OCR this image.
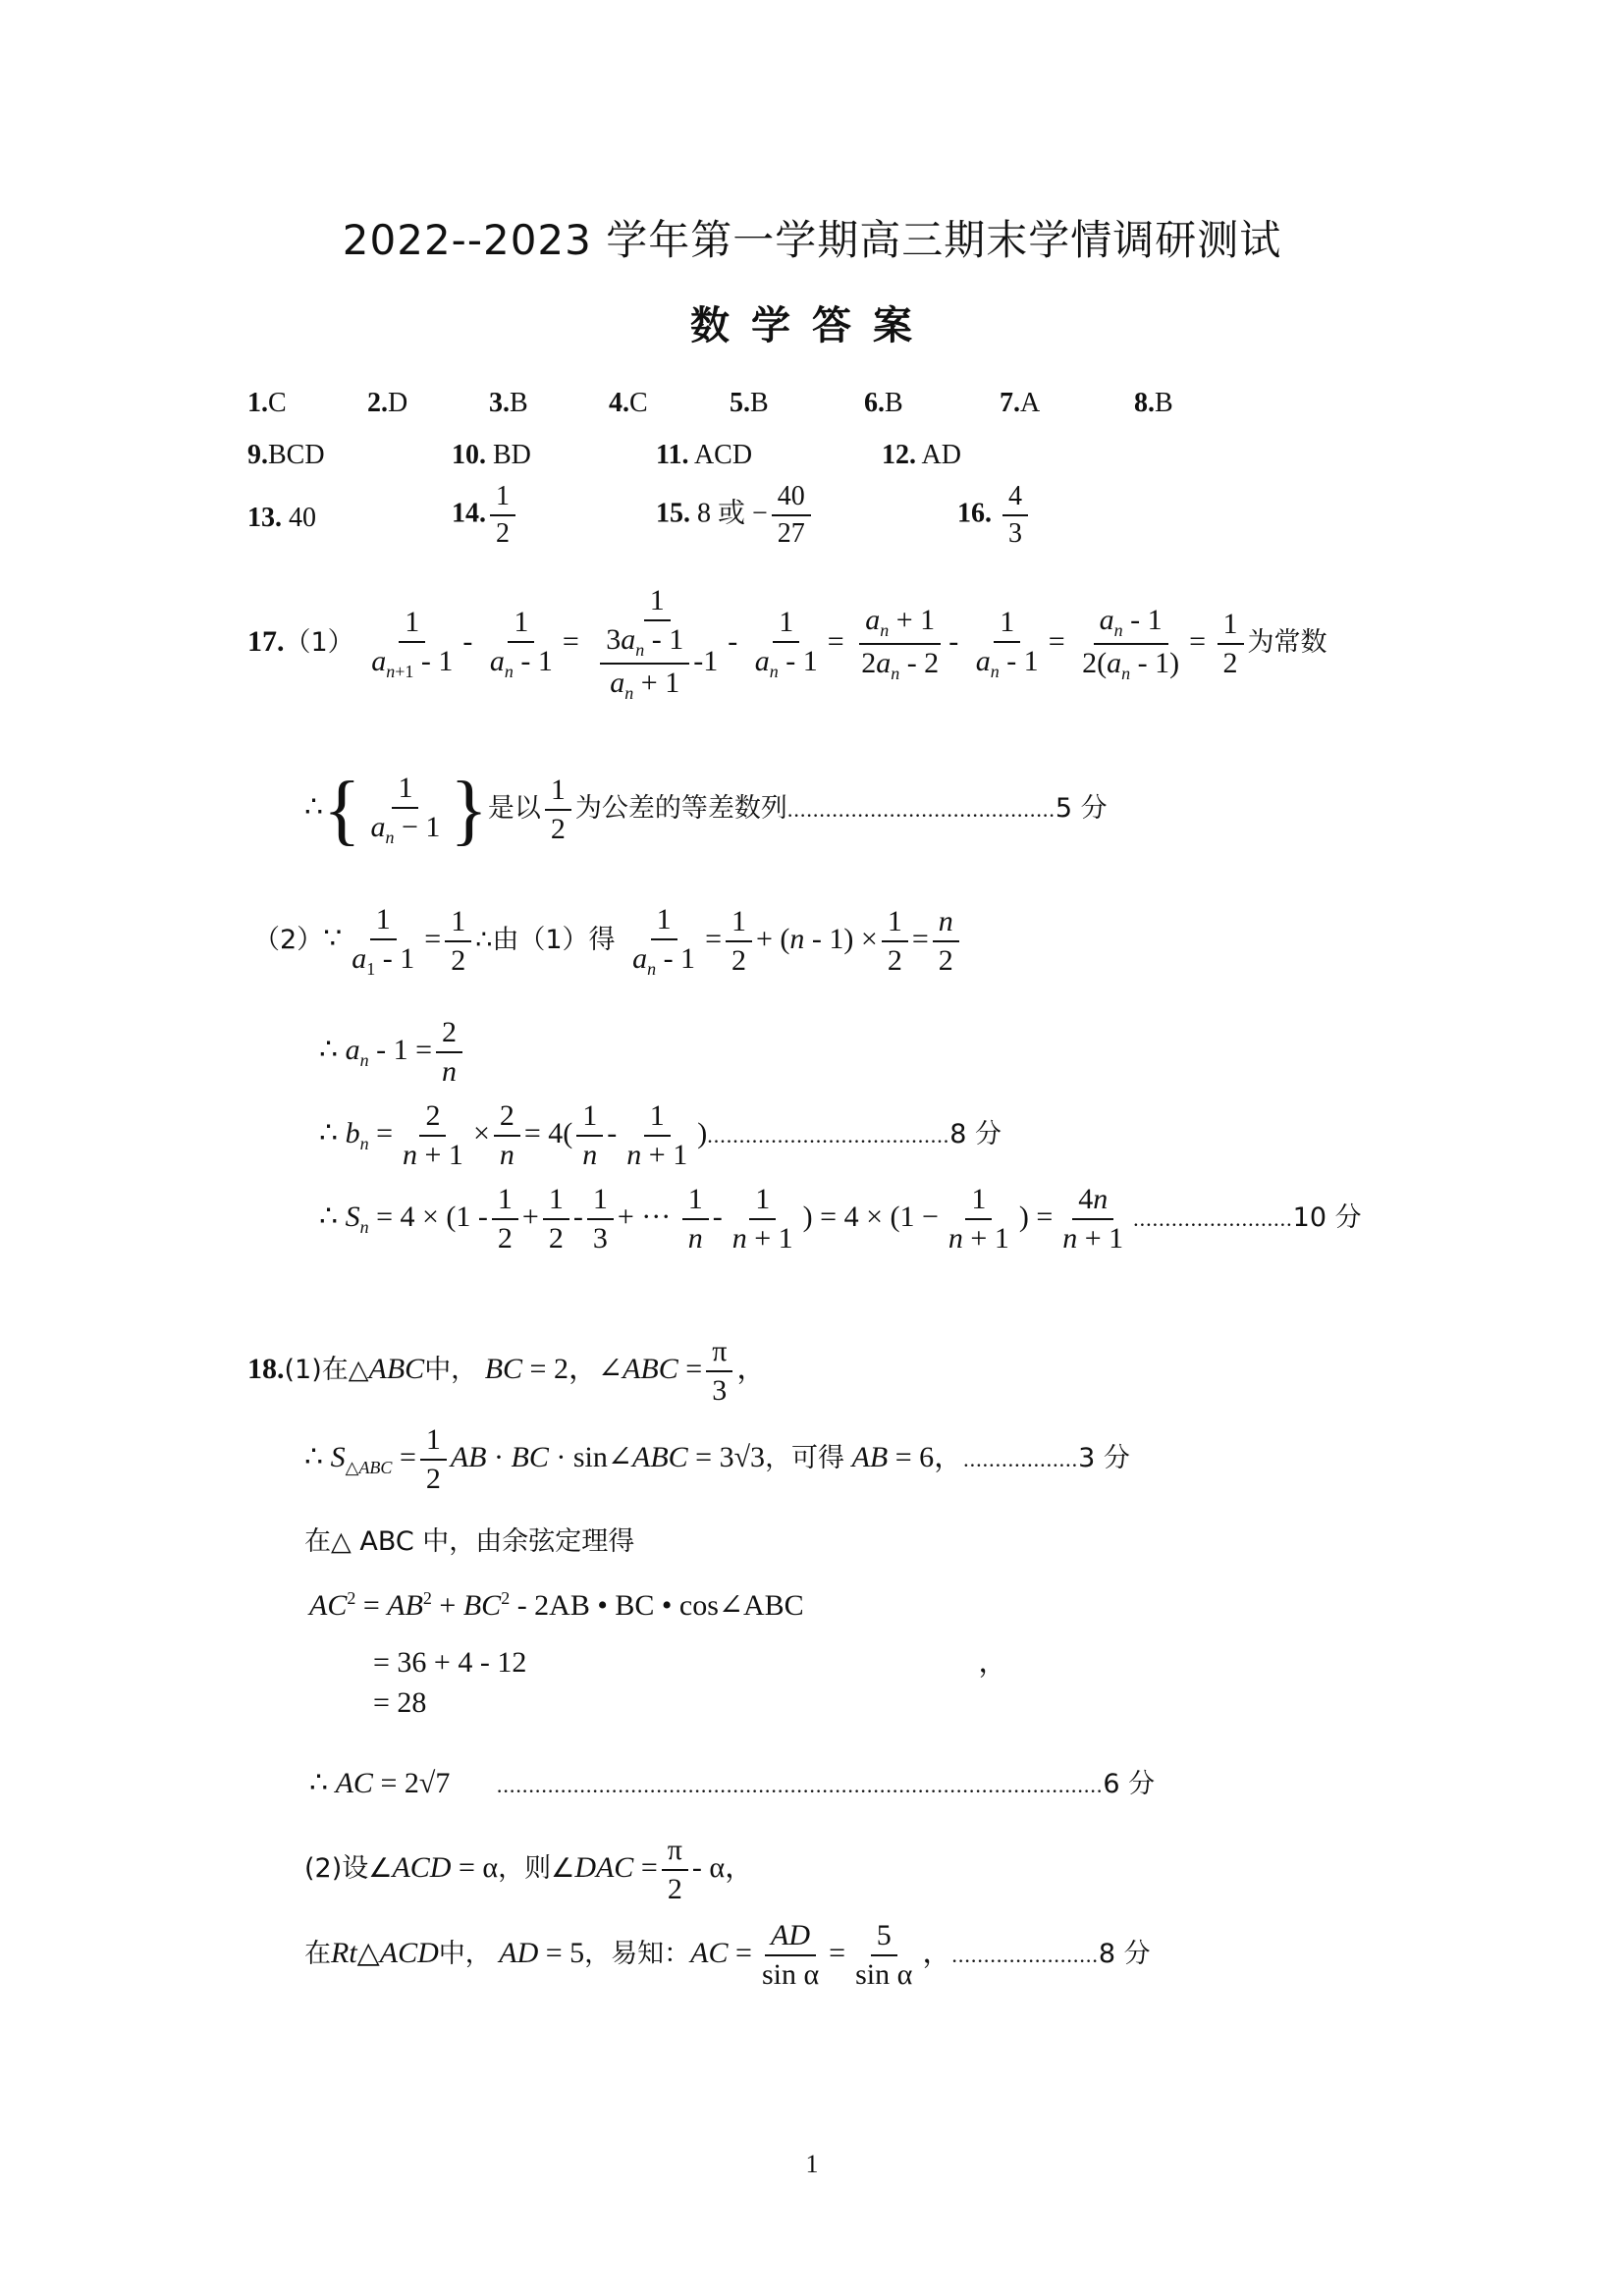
2022--2023 学年第一学期高三期末学情调研测试
数学答案
1.C	2.D	3.B	4.C	5.B	6.B	7.A	8.B
9.BCD	10. BD	11. ACD	12. AD
13. 40	14. $\frac{1}{2}$	15. 8 或 − $\frac{40}{27}$	16. $\frac{4}{3}$
$17.(1) \frac{1}{a_{n+1} - 1} - \frac{1}{a_n - 1} = \frac{1}{\frac{3a_n - 1}{a_n + 1} -1} - \frac{1}{a_n - 1} = \frac{a_n + 1}{2a_n - 2} - \frac{1}{a_n - 1} = \frac{a_n - 1}{2(a_n - 1)} = \frac{1}{2}$ 为常数
∴{ $\frac{1}{a_n - 1}$ }是以 $\frac{1}{2}$ 为公差的等差数列..........................................5 分
（2）∵ $\frac{1}{a_1 - 1} = \frac{1}{2}$ ∴由（1）得 $\frac{1}{a_n - 1} = \frac{1}{2} + (n - 1) \times \frac{1}{2} = \frac{n}{2}$
∴ $a_n - 1 = \frac{2}{n}$
∴ $b_n = \frac{2}{n + 1} \times \frac{2}{n} = 4( \frac{1}{n} - \frac{1}{n + 1} )......................................8$ 分
∴ $S_n = 4 \times (1 - \frac{1}{2} + \frac{1}{2} - \frac{1}{3}$ + ··· $\frac{1}{n} - \frac{1}{n + 1}$ ) = $4 \times (1 - \frac{1}{n + 1}$ ) = $\frac{4n}{n + 1} .........................10$ 分
18.(1)在△ABC中， BC = 2，∠ABC = $\frac{\pi}{3}$ ，
∴ $S_{\triangle ABC} = \frac{1}{2}$ AB · BC · sin∠ABC = 3√3，可得 AB = 6，..................3 分
在△ ABC 中，由余弦定理得
$AC^2 = AB^2 + BC^2 - 2AB$ • BC • cos∠ABC
= 36 + 4 - 12	，
= 28
∴ AC = 2√7 ...............................................................................................6 分
(2)设∠ACD = α，则∠DAC = $\frac{\pi}{2}$ - α，
在Rt△ACD中， AD = 5，易知：AC = $\frac{AD}{\text{sin α}} = \frac{5}{\text{sin α}}$ ，.......................8 分
1
